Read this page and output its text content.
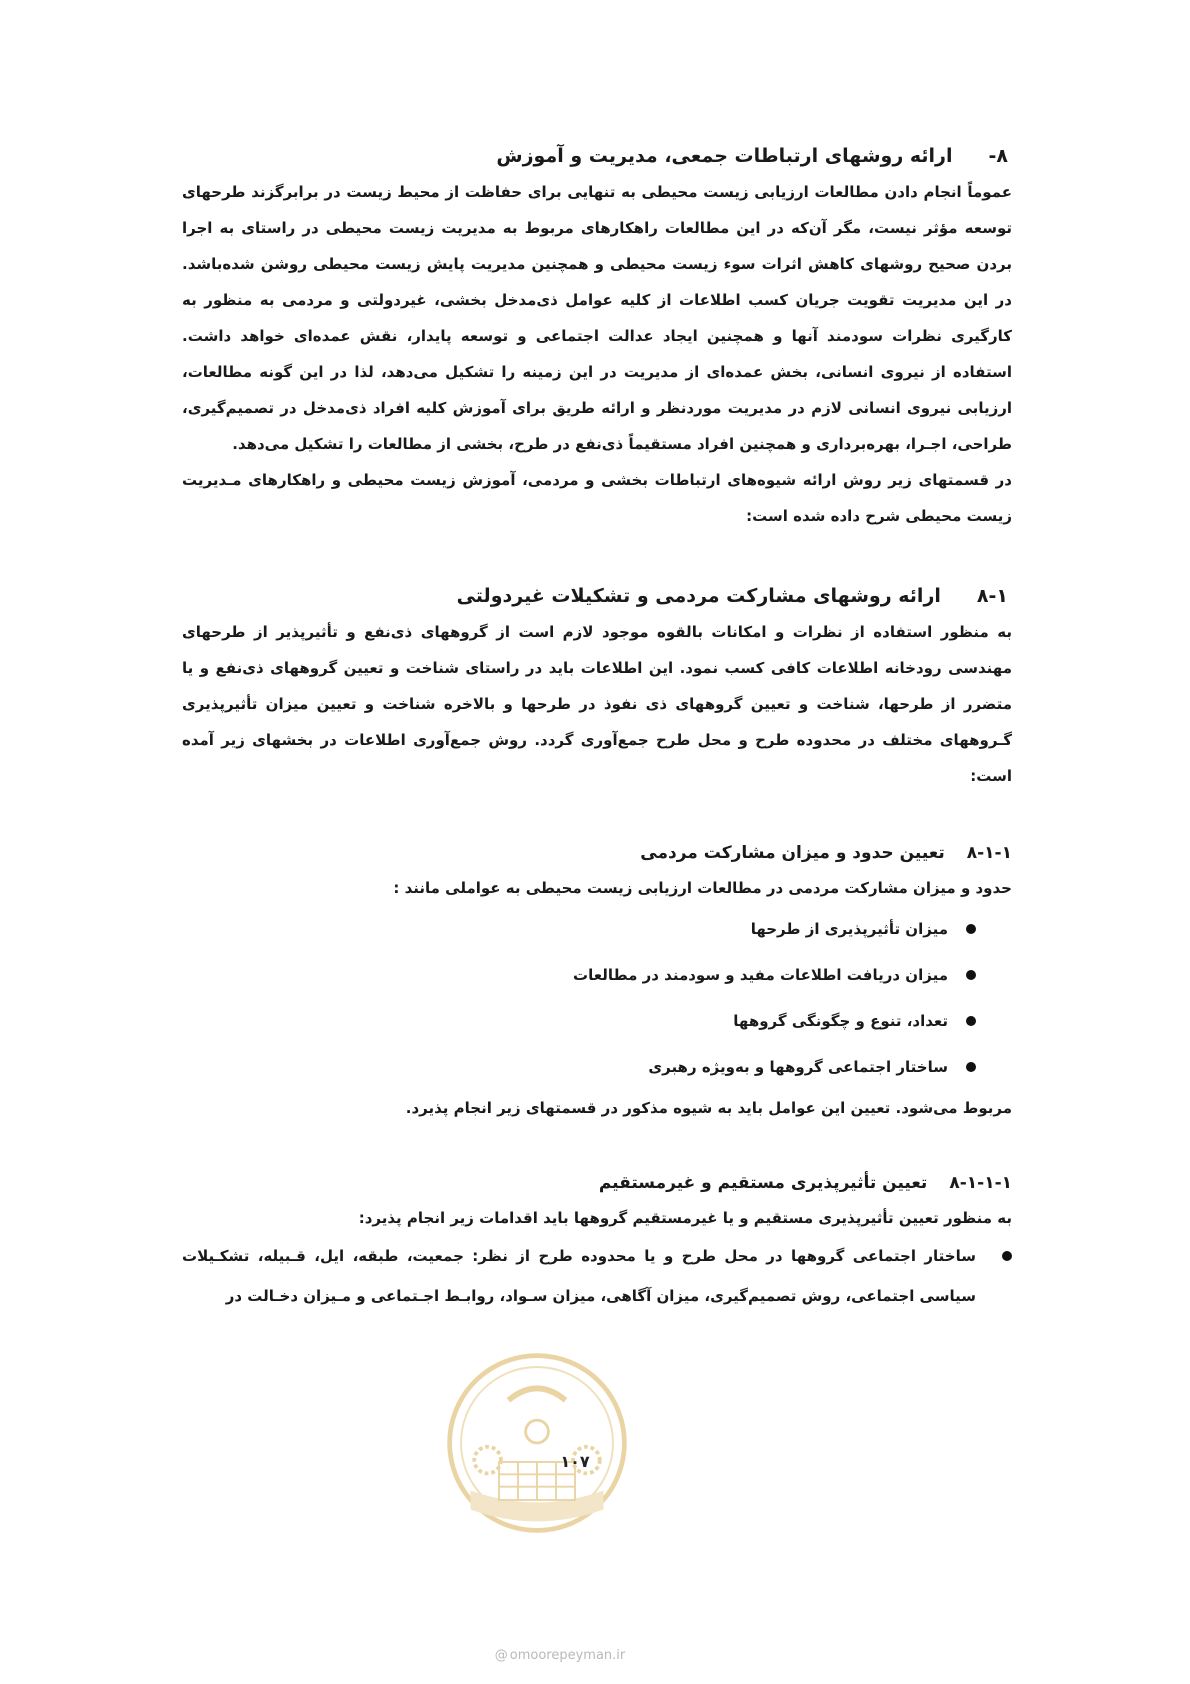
۸-ارائه روشهای ارتباطات جمعی، مدیریت و آموزش

عموماً انجام دادن مطالعات ارزیابی زیست محیطی به تنهایی برای حفاظت از محیط زیست در برابرگزند طرحهای توسعه مؤثر نیست، مگر آن‌که در این مطالعات راهکارهای مربوط به مدیریت زیست محیطی در راستای به اجرا بردن صحیح روشهای کاهش اثرات سوء زیست محیطی و همچنین مدیریت پایش زیست محیطی روشن شده‌باشد. در این مدیریت تقویت جریان کسب اطلاعات از کلیه عوامل ذی‌مدخل بخشی، غیردولتی و مردمی به منظور به کارگیری نظرات سودمند آنها و همچنین ایجاد عدالت اجتماعی و توسعه پایدار، نقش عمده‌ای خواهد داشت. استفاده از نیروی انسانی، بخش عمده‌ای از مدیریت در این زمینه را تشکیل می‌دهد، لذا در این گونه مطالعات، ارزیابی نیروی انسانی لازم در مدیریت موردنظر و ارائه طریق برای آموزش کلیه افراد ذی‌مدخل در تصمیم‌گیری، طراحی، اجـرا، بهره‌برداری و همچنین افراد مستقیماً ذی‌نفع در طرح، بخشی از مطالعات را تشکیل می‌دهد.

در قسمتهای زیر روش ارائه شیوه‌های ارتباطات بخشی و مردمی، آموزش زیست محیطی و راهکارهای مـدیریت زیست محیطی شرح داده شده است:

۸-۱ارائه روشهای مشارکت مردمی و تشکیلات غیردولتی

به منظور استفاده از نظرات و امکانات بالقوه موجود لازم است از گروههای ذی‌نفع و تأثیرپذیر از طرحهای مهندسی رودخانه اطلاعات کافی کسب نمود. این اطلاعات باید در راستای شناخت و تعیین گروههای ذی‌نفع و یا متضرر از طرحها، شناخت و تعیین گروههای ذی نفوذ در طرحها و بالاخره شناخت و تعیین میزان تأثیرپذیری گـروههای مختلف در محدوده طرح و محل طرح جمع‌آوری گردد. روش جمع‌آوری اطلاعات در بخشهای زیر آمده است:

۸-۱-۱تعیین حدود و میزان مشارکت مردمی

حدود و میزان مشارکت مردمی در مطالعات ارزیابی زیست محیطی به عواملی مانند :

میزان تأثیرپذیری از طرحها
میزان دریافت اطلاعات مفید و سودمند در مطالعات
تعداد، تنوع و چگونگی گروهها
ساختار اجتماعی گروهها و به‌ویژه رهبری

مربوط می‌شود. تعیین این عوامل باید به شیوه مذکور در قسمتهای زیر انجام پذیرد.

۸-۱-۱-۱تعیین تأثیرپذیری مستقیم و غیرمستقیم

به منظور تعیین تأثیرپذیری مستقیم و یا غیرمستقیم گروهها باید اقدامات زیر انجام پذیرد:

ساختار اجتماعی گروهها در محل طرح و یا محدوده طرح از نظر: جمعیت، طبقه، ایل، قـبیله، تشکـیلات سیاسی اجتماعی، روش تصمیم‌گیری، میزان آگاهی، میزان سـواد، روابـط اجـتماعی و مـیزان دخـالت در

۱۰۷
@ omoorepeyman.ir
